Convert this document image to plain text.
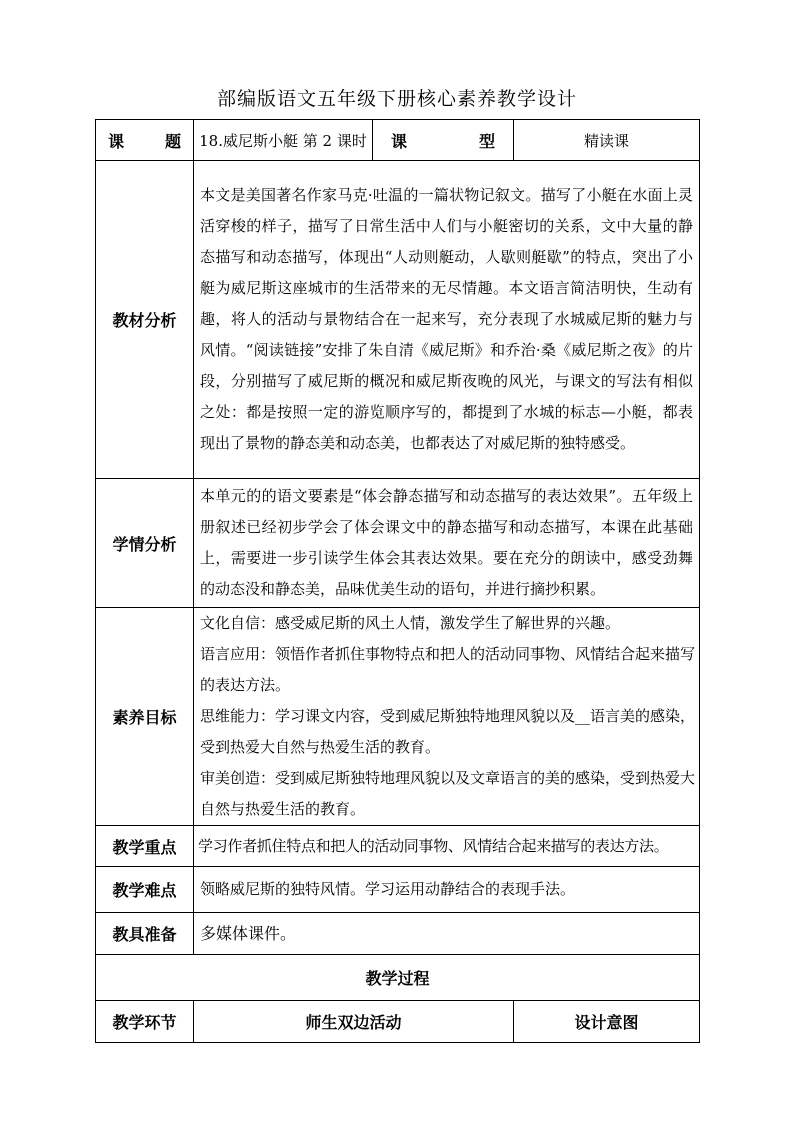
部编版语文五年级下册核心素养教学设计
课 题	18.威尼斯小艇 第 2 课时	课 型	精读课
教材分析	本文是美国著名作家马克·吐温的一篇状物记叙文。描写了小艇在水面上灵活穿梭的样子，描写了日常生活中人们与小艇密切的关系，文中大量的静态描写和动态描写，体现出“人动则艇动，人歇则艇歇”的特点，突出了小艇为威尼斯这座城市的生活带来的无尽情趣。本文语言简洁明快，生动有趣，将人的活动与景物结合在一起来写，充分表现了水城威尼斯的魅力与风情。“阅读链接”安排了朱自清《威尼斯》和乔治·桑《威尼斯之夜》的片段，分别描写了威尼斯的概况和威尼斯夜晚的风光，与课文的写法有相似之处：都是按照一定的游览顺序写的，都提到了水城的标志—小艇，都表现出了景物的静态美和动态美，也都表达了对威尼斯的独特感受。		

学情分析	本单元的的语文要素是“体会静态描写和动态描写的表达效果”。五年级上册叙述已经初步学会了体会课文中的静态描写和动态描写，本课在此基础上，需要进一步引读学生体会其表达效果。要在充分的朗读中，感受劲舞的动态没和静态美，品味优美生动的语句，并进行摘抄积累。		

素养目标	文化自信：感受威尼斯的风土人情，激发学生了解世界的兴趣。
语言应用：领悟作者抓住事物特点和把人的活动同事物、风情结合起来描写的表达方法。
思维能力：学习课文内容，受到威尼斯独特地理风貌以及__语言美的感染，受到热爱大自然与热爱生活的教育。
审美创造：受到威尼斯独特地理风貌以及文章语言的美的感染，受到热爱大自然与热爱生活的教育。		

教学重点	学习作者抓住特点和把人的活动同事物、风情结合起来描写的表达方法。		

教学难点	领略威尼斯的独特风情。学习运用动静结合的表现手法。		

教具准备	多媒体课件。		

教学过程			
教学环节	师生双边活动		设计意图
